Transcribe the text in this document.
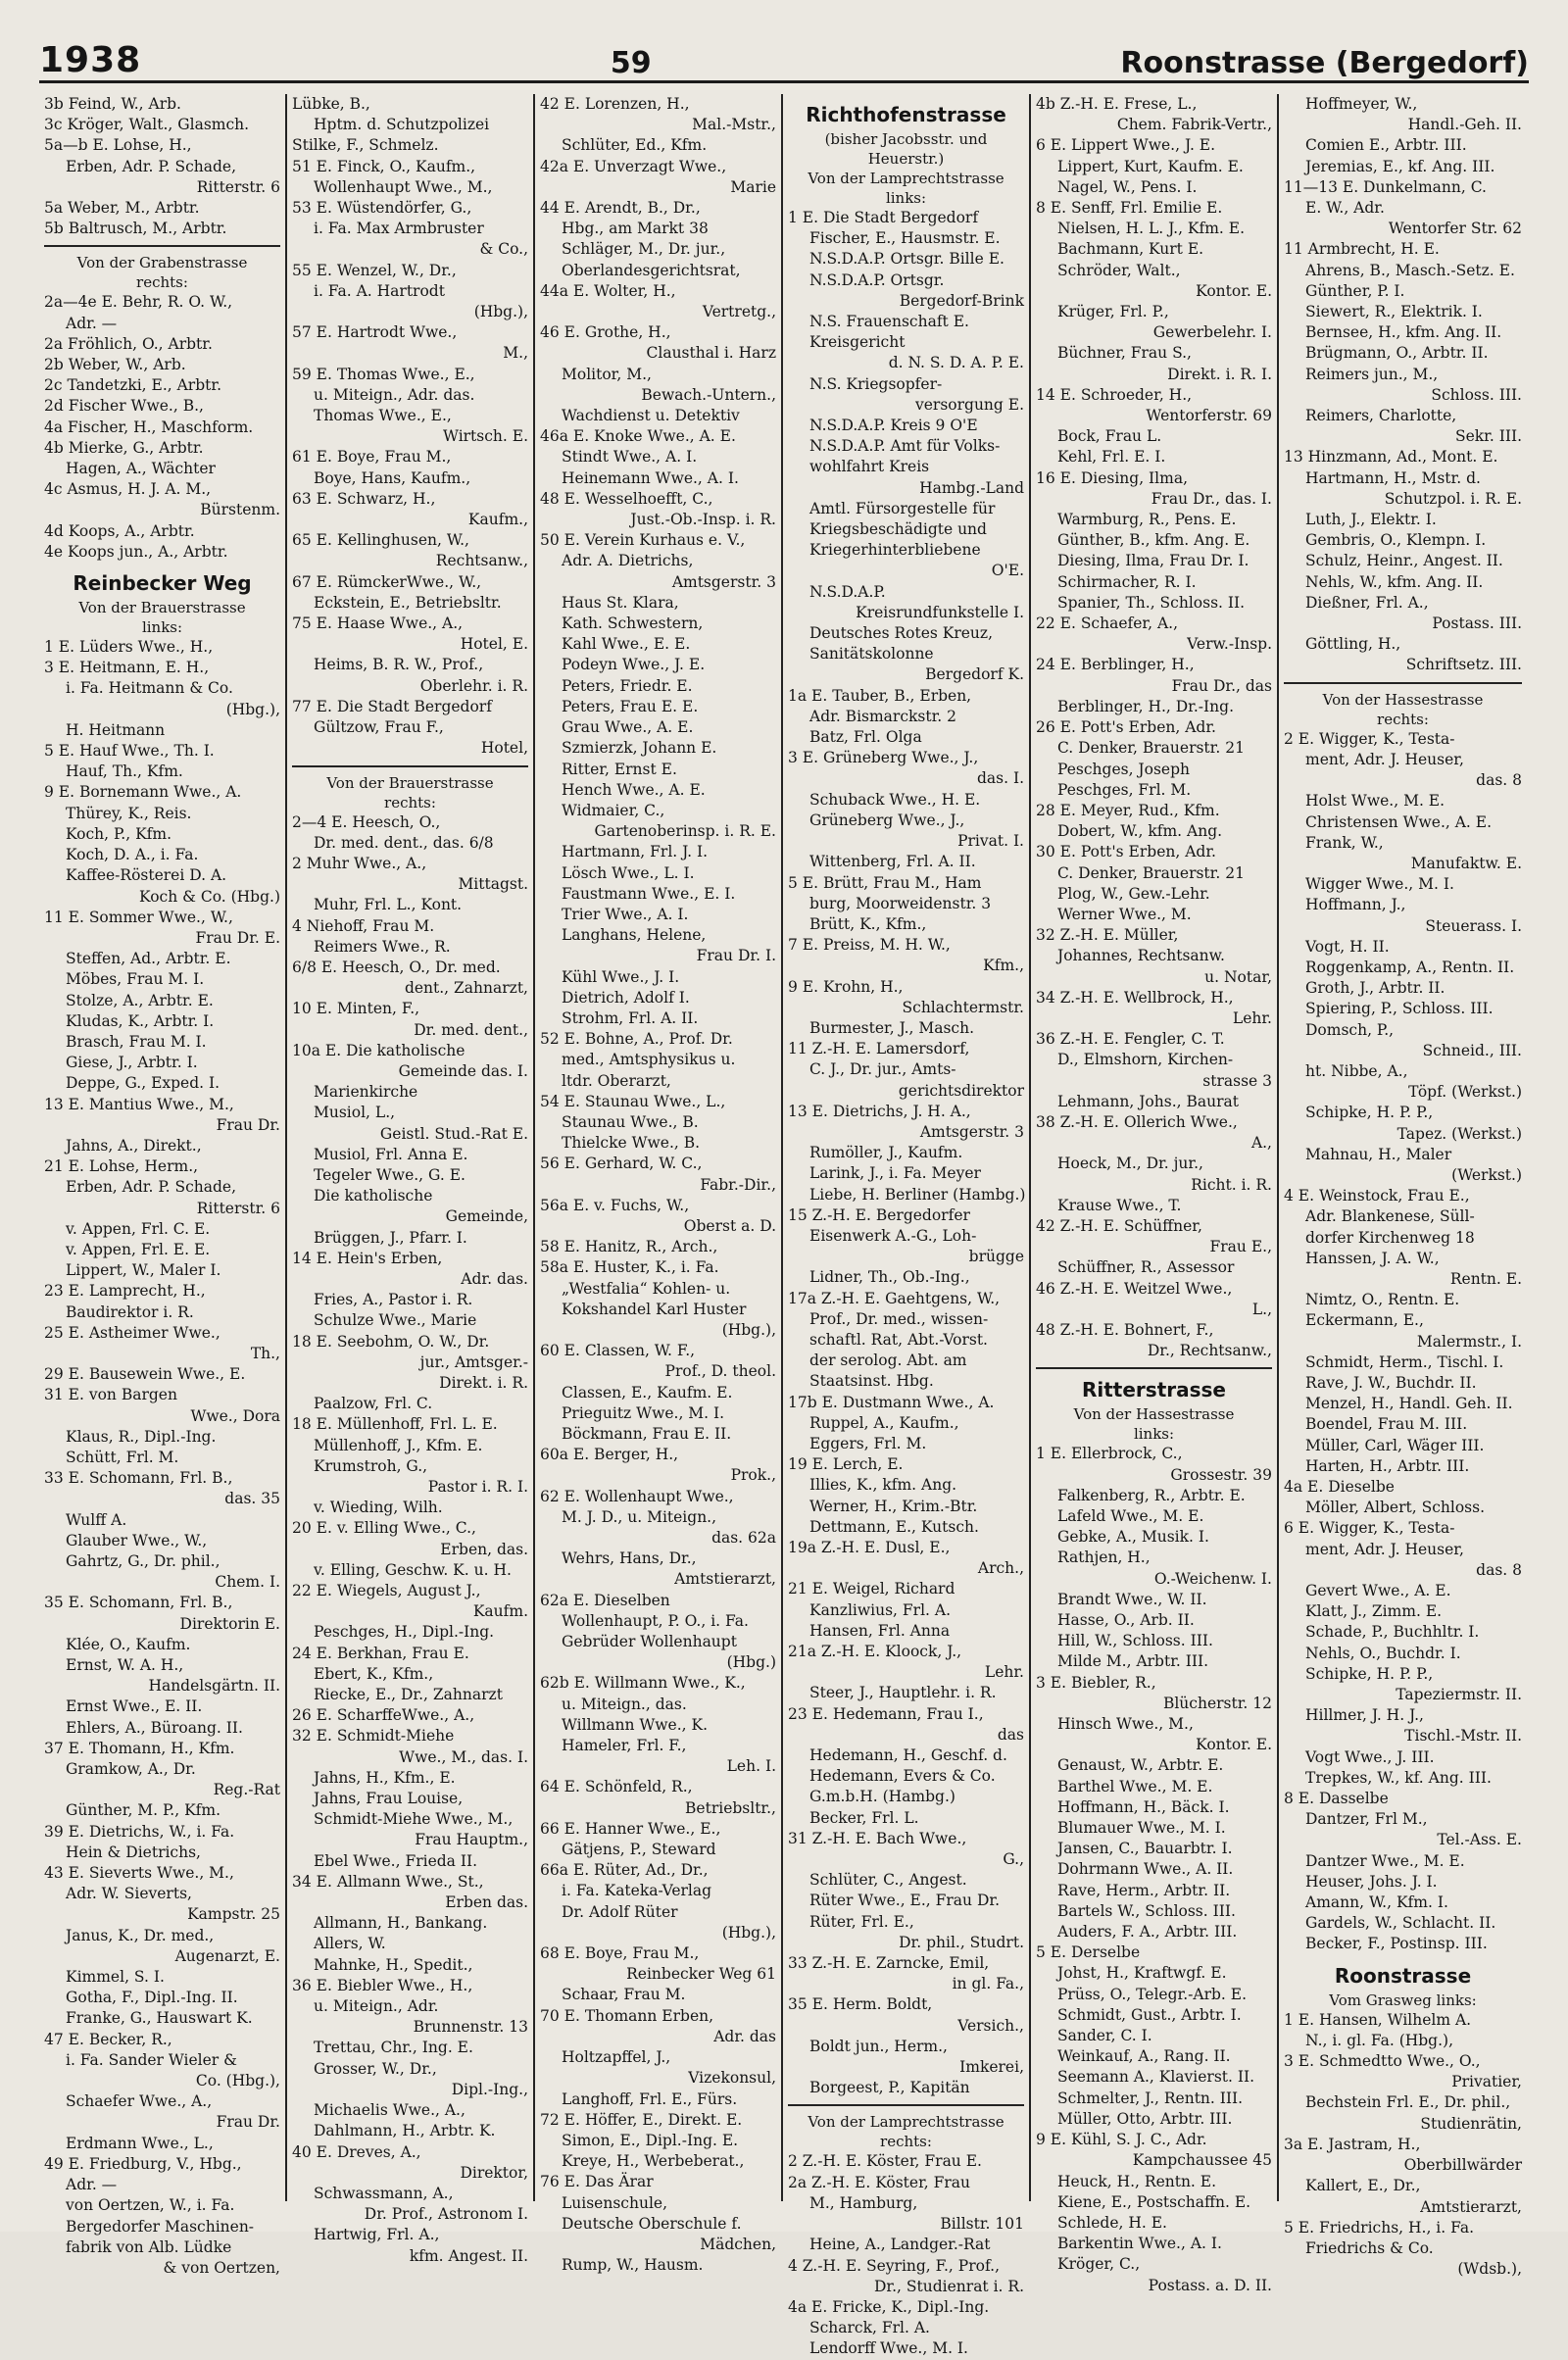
1938	59	Roonstrasse (Bergedorf)
3b Feind, W., Arb.
3c Kröger, Walt., Glasmch.
5a—b E. Lohse, H.,
Erben, Adr. P. Schade,
Ritterstr. 6
5a Weber, M., Arbtr.
5b Baltrusch, M., Arbtr.
Von der Grabenstrasse
rechts:
2a—4e E. Behr, R. O. W.,
Adr. —
2a Fröhlich, O., Arbtr.
2b Weber, W., Arb.
2c Tandetzki, E., Arbtr.
2d Fischer Wwe., B.,
4a Fischer, H., Maschform.
4b Mierke, G., Arbtr.
Hagen, A., Wächter
4c Asmus, H. J. A. M.,
Bürstenm.
4d Koops, A., Arbtr.
4e Koops jun., A., Arbtr.
Reinbecker Weg
Von der Brauerstrasse
links:
1 E. Lüders Wwe., H.,
3 E. Heitmann, E. H.,
i. Fa. Heitmann & Co.
(Hbg.),
H. Heitmann
5 E. Hauf Wwe., Th. I.
Hauf, Th., Kfm.
9 E. Bornemann Wwe., A.
Thürey, K., Reis.
Koch, P., Kfm.
Koch, D. A., i. Fa.
Kaffee-Rösterei D. A.
Koch & Co. (Hbg.)
11 E. Sommer Wwe., W.,
Frau Dr. E.
Steffen, Ad., Arbtr. E.
Möbes, Frau M. I.
Stolze, A., Arbtr. E.
Kludas, K., Arbtr. I.
Brasch, Frau M. I.
Giese, J., Arbtr. I.
Deppe, G., Exped. I.
13 E. Mantius Wwe., M.,
Frau Dr.
Jahns, A., Direkt.,
21 E. Lohse, Herm.,
Erben, Adr. P. Schade,
Ritterstr. 6
v. Appen, Frl. C. E.
v. Appen, Frl. E. E.
Lippert, W., Maler I.
23 E. Lamprecht, H.,
Baudirektor i. R.
25 E. Astheimer Wwe.,
Th.,
29 E. Bausewein Wwe., E.
31 E. von Bargen
Wwe., Dora
Klaus, R., Dipl.-Ing.
Schütt, Frl. M.
33 E. Schomann, Frl. B.,
das. 35
Wulff A.
Glauber Wwe., W.,
Gahrtz, G., Dr. phil.,
Chem. I.
35 E. Schomann, Frl. B.,
Direktorin E.
Klée, O., Kaufm.
Ernst, W. A. H.,
Handelsgärtn. II.
Ernst Wwe., E. II.
Ehlers, A., Büroang. II.
37 E. Thomann, H., Kfm.
Gramkow, A., Dr.
Reg.-Rat
Günther, M. P., Kfm.
39 E. Dietrichs, W., i. Fa.
Hein & Dietrichs,
43 E. Sieverts Wwe., M.,
Adr. W. Sieverts,
Kampstr. 25
Janus, K., Dr. med.,
Augenarzt, E.
Kimmel, S. I.
Gotha, F., Dipl.-Ing. II.
Franke, G., Hauswart K.
47 E. Becker, R.,
i. Fa. Sander Wieler &
Co. (Hbg.),
Schaefer Wwe., A.,
Frau Dr.
Erdmann Wwe., L.,
49 E. Friedburg, V., Hbg.,
Adr. —
von Oertzen, W., i. Fa.
Bergedorfer Maschinen-
fabrik von Alb. Lüdke
& von Oertzen,
Lübke, B.,
Hptm. d. Schutzpolizei
Stilke, F., Schmelz.
51 E. Finck, O., Kaufm.,
Wollenhaupt Wwe., M.,
53 E. Wüstendörfer, G.,
i. Fa. Max Armbruster
& Co.,
55 E. Wenzel, W., Dr.,
i. Fa. A. Hartrodt
(Hbg.),
57 E. Hartrodt Wwe.,
M.,
59 E. Thomas Wwe., E.,
u. Miteign., Adr. das.
Thomas Wwe., E.,
Wirtsch. E.
61 E. Boye, Frau M.,
Boye, Hans, Kaufm.,
63 E. Schwarz, H.,
Kaufm.,
65 E. Kellinghusen, W.,
Rechtsanw.,
67 E. RümckerWwe., W.,
Eckstein, E., Betriebsltr.
75 E. Haase Wwe., A.,
Hotel, E.
Heims, B. R. W., Prof.,
Oberlehr. i. R.
77 E. Die Stadt Bergedorf
Gültzow, Frau F.,
Hotel,
Von der Brauerstrasse
rechts:
2—4 E. Heesch, O.,
Dr. med. dent., das. 6/8
2 Muhr Wwe., A.,
Mittagst.
Muhr, Frl. L., Kont.
4 Niehoff, Frau M.
Reimers Wwe., R.
6/8 E. Heesch, O., Dr. med.
dent., Zahnarzt,
10 E. Minten, F.,
Dr. med. dent.,
10a E. Die katholische
Gemeinde das. I.
Marienkirche
Musiol, L.,
Geistl. Stud.-Rat E.
Musiol, Frl. Anna E.
Tegeler Wwe., G. E.
Die katholische
Gemeinde,
Brüggen, J., Pfarr. I.
14 E. Hein's Erben,
Adr. das.
Fries, A., Pastor i. R.
Schulze Wwe., Marie
18 E. Seebohm, O. W., Dr.
jur., Amtsger.-
Direkt. i. R.
Paalzow, Frl. C.
18 E. Müllenhoff, Frl. L. E.
Müllenhoff, J., Kfm. E.
Krumstroh, G.,
Pastor i. R. I.
v. Wieding, Wilh.
20 E. v. Elling Wwe., C.,
Erben, das.
v. Elling, Geschw. K. u. H.
22 E. Wiegels, August J.,
Kaufm.
Peschges, H., Dipl.-Ing.
24 E. Berkhan, Frau E.
Ebert, K., Kfm.,
Riecke, E., Dr., Zahnarzt
26 E. ScharffeWwe., A.,
32 E. Schmidt-Miehe
Wwe., M., das. I.
Jahns, H., Kfm., E.
Jahns, Frau Louise,
Schmidt-Miehe Wwe., M.,
Frau Hauptm.,
Ebel Wwe., Frieda II.
34 E. Allmann Wwe., St.,
Erben das.
Allmann, H., Bankang.
Allers, W.
Mahnke, H., Spedit.,
36 E. Biebler Wwe., H.,
u. Miteign., Adr.
Brunnenstr. 13
Trettau, Chr., Ing. E.
Grosser, W., Dr.,
Dipl.-Ing.,
Michaelis Wwe., A.,
Dahlmann, H., Arbtr. K.
40 E. Dreves, A.,
Direktor,
Schwassmann, A.,
Dr. Prof., Astronom I.
Hartwig, Frl. A.,
kfm. Angest. II.
42 E. Lorenzen, H.,
Mal.-Mstr.,
Schlüter, Ed., Kfm.
42a E. Unverzagt Wwe.,
Marie
44 E. Arendt, B., Dr.,
Hbg., am Markt 38
Schläger, M., Dr. jur.,
Oberlandesgerichtsrat,
44a E. Wolter, H.,
Vertretg.,
46 E. Grothe, H.,
Clausthal i. Harz
Molitor, M.,
Bewach.-Untern.,
Wachdienst u. Detektiv
46a E. Knoke Wwe., A. E.
Stindt Wwe., A. I.
Heinemann Wwe., A. I.
48 E. Wesselhoefft, C.,
Just.-Ob.-Insp. i. R.
50 E. Verein Kurhaus e. V.,
Adr. A. Dietrichs,
Amtsgerstr. 3
Haus St. Klara,
Kath. Schwestern,
Kahl Wwe., E. E.
Podeyn Wwe., J. E.
Peters, Friedr. E.
Peters, Frau E. E.
Grau Wwe., A. E.
Szmierzk, Johann E.
Ritter, Ernst E.
Hench Wwe., A. E.
Widmaier, C.,
Gartenoberinsp. i. R. E.
Hartmann, Frl. J. I.
Lösch Wwe., L. I.
Faustmann Wwe., E. I.
Trier Wwe., A. I.
Langhans, Helene,
Frau Dr. I.
Kühl Wwe., J. I.
Dietrich, Adolf I.
Strohm, Frl. A. II.
52 E. Bohne, A., Prof. Dr.
med., Amtsphysikus u.
ltdr. Oberarzt,
54 E. Staunau Wwe., L.,
Staunau Wwe., B.
Thielcke Wwe., B.
56 E. Gerhard, W. C.,
Fabr.-Dir.,
56a E. v. Fuchs, W.,
Oberst a. D.
58 E. Hanitz, R., Arch.,
58a E. Huster, K., i. Fa.
„Westfalia“ Kohlen- u.
Kokshandel Karl Huster
(Hbg.),
60 E. Classen, W. F.,
Prof., D. theol.
Classen, E., Kaufm. E.
Prieguitz Wwe., M. I.
Böckmann, Frau E. II.
60a E. Berger, H.,
Prok.,
62 E. Wollenhaupt Wwe.,
M. J. D., u. Miteign.,
das. 62a
Wehrs, Hans, Dr.,
Amtstierarzt,
62a E. Dieselben
Wollenhaupt, P. O., i. Fa.
Gebrüder Wollenhaupt
(Hbg.)
62b E. Willmann Wwe., K.,
u. Miteign., das.
Willmann Wwe., K.
Hameler, Frl. F.,
Leh. I.
64 E. Schönfeld, R.,
Betriebsltr.,
66 E. Hanner Wwe., E.,
Gätjens, P., Steward
66a E. Rüter, Ad., Dr.,
i. Fa. Kateka-Verlag
Dr. Adolf Rüter
(Hbg.),
68 E. Boye, Frau M.,
Reinbecker Weg 61
Schaar, Frau M.
70 E. Thomann Erben,
Adr. das
Holtzapffel, J.,
Vizekonsul,
Langhoff, Frl. E., Fürs.
72 E. Höffer, E., Direkt. E.
Simon, E., Dipl.-Ing. E.
Kreye, H., Werbeberat.,
76 E. Das Ärar
Luisenschule,
Deutsche Oberschule f.
Mädchen,
Rump, W., Hausm.
Richthofenstrasse
(bisher Jacobsstr. und
Heuerstr.)
Von der Lamprechtstrasse
links:
1 E. Die Stadt Bergedorf
Fischer, E., Hausmstr. E.
N.S.D.A.P. Ortsgr. Bille E.
N.S.D.A.P. Ortsgr.
Bergedorf-Brink
N.S. Frauenschaft E.
Kreisgericht
d. N. S. D. A. P. E.
N.S. Kriegsopfer-
versorgung E.
N.S.D.A.P. Kreis 9 O'E
N.S.D.A.P. Amt für Volks-
wohlfahrt Kreis
Hambg.-Land
Amtl. Fürsorgestelle für
Kriegsbeschädigte und
Kriegerhinterbliebene
O'E.
N.S.D.A.P.
Kreisrundfunkstelle I.
Deutsches Rotes Kreuz,
Sanitätskolonne
Bergedorf K.
1a E. Tauber, B., Erben,
Adr. Bismarckstr. 2
Batz, Frl. Olga
3 E. Grüneberg Wwe., J.,
das. I.
Schuback Wwe., H. E.
Grüneberg Wwe., J.,
Privat. I.
Wittenberg, Frl. A. II.
5 E. Brütt, Frau M., Ham
burg, Moorweidenstr. 3
Brütt, K., Kfm.,
7 E. Preiss, M. H. W.,
Kfm.,
9 E. Krohn, H.,
Schlachtermstr.
Burmester, J., Masch.
11 Z.-H. E. Lamersdorf,
C. J., Dr. jur., Amts-
gerichtsdirektor
13 E. Dietrichs, J. H. A.,
Amtsgerstr. 3
Rumöller, J., Kaufm.
Larink, J., i. Fa. Meyer
Liebe, H. Berliner (Hambg.)
15 Z.-H. E. Bergedorfer
Eisenwerk A.-G., Loh-
brügge
Lidner, Th., Ob.-Ing.,
17a Z.-H. E. Gaehtgens, W.,
Prof., Dr. med., wissen-
schaftl. Rat, Abt.-Vorst.
der serolog. Abt. am
Staatsinst. Hbg.
17b E. Dustmann Wwe., A.
Ruppel, A., Kaufm.,
Eggers, Frl. M.
19 E. Lerch, E.
Illies, K., kfm. Ang.
Werner, H., Krim.-Btr.
Dettmann, E., Kutsch.
19a Z.-H. E. Dusl, E.,
Arch.,
21 E. Weigel, Richard
Kanzliwius, Frl. A.
Hansen, Frl. Anna
21a Z.-H. E. Kloock, J.,
Lehr.
Steer, J., Hauptlehr. i. R.
23 E. Hedemann, Frau I.,
das
Hedemann, H., Geschf. d.
Hedemann, Evers & Co.
G.m.b.H. (Hambg.)
Becker, Frl. L.
31 Z.-H. E. Bach Wwe.,
G.,
Schlüter, C., Angest.
Rüter Wwe., E., Frau Dr.
Rüter, Frl. E.,
Dr. phil., Studrt.
33 Z.-H. E. Zarncke, Emil,
in gl. Fa.,
35 E. Herm. Boldt,
Versich.,
Boldt jun., Herm.,
Imkerei,
Borgeest, P., Kapitän
Von der Lamprechtstrasse
rechts:
2 Z.-H. E. Köster, Frau E.
2a Z.-H. E. Köster, Frau
M., Hamburg,
Billstr. 101
Heine, A., Landger.-Rat
4 Z.-H. E. Seyring, F., Prof.,
Dr., Studienrat i. R.
4a E. Fricke, K., Dipl.-Ing.
Scharck, Frl. A.
Lendorff Wwe., M. I.
4b Z.-H. E. Frese, L.,
Chem. Fabrik-Vertr.,
6 E. Lippert Wwe., J. E.
Lippert, Kurt, Kaufm. E.
Nagel, W., Pens. I.
8 E. Senff, Frl. Emilie E.
Nielsen, H. L. J., Kfm. E.
Bachmann, Kurt E.
Schröder, Walt.,
Kontor. E.
Krüger, Frl. P.,
Gewerbelehr. I.
Büchner, Frau S.,
Direkt. i. R. I.
14 E. Schroeder, H.,
Wentorferstr. 69
Bock, Frau L.
Kehl, Frl. E. I.
16 E. Diesing, Ilma,
Frau Dr., das. I.
Warmburg, R., Pens. E.
Günther, B., kfm. Ang. E.
Diesing, Ilma, Frau Dr. I.
Schirmacher, R. I.
Spanier, Th., Schloss. II.
22 E. Schaefer, A.,
Verw.-Insp.
24 E. Berblinger, H.,
Frau Dr., das
Berblinger, H., Dr.-Ing.
26 E. Pott's Erben, Adr.
C. Denker, Brauerstr. 21
Peschges, Joseph
Peschges, Frl. M.
28 E. Meyer, Rud., Kfm.
Dobert, W., kfm. Ang.
30 E. Pott's Erben, Adr.
C. Denker, Brauerstr. 21
Plog, W., Gew.-Lehr.
Werner Wwe., M.
32 Z.-H. E. Müller,
Johannes, Rechtsanw.
u. Notar,
34 Z.-H. E. Wellbrock, H.,
Lehr.
36 Z.-H. E. Fengler, C. T.
D., Elmshorn, Kirchen-
strasse 3
Lehmann, Johs., Baurat
38 Z.-H. E. Ollerich Wwe.,
A.,
Hoeck, M., Dr. jur.,
Richt. i. R.
Krause Wwe., T.
42 Z.-H. E. Schüffner,
Frau E.,
Schüffner, R., Assessor
46 Z.-H. E. Weitzel Wwe.,
L.,
48 Z.-H. E. Bohnert, F.,
Dr., Rechtsanw.,
Ritterstrasse
Von der Hassestrasse
links:
1 E. Ellerbrock, C.,
Grossestr. 39
Falkenberg, R., Arbtr. E.
Lafeld Wwe., M. E.
Gebke, A., Musik. I.
Rathjen, H.,
O.-Weichenw. I.
Brandt Wwe., W. II.
Hasse, O., Arb. II.
Hill, W., Schloss. III.
Milde M., Arbtr. III.
3 E. Biebler, R.,
Blücherstr. 12
Hinsch Wwe., M.,
Kontor. E.
Genaust, W., Arbtr. E.
Barthel Wwe., M. E.
Hoffmann, H., Bäck. I.
Blumauer Wwe., M. I.
Jansen, C., Bauarbtr. I.
Dohrmann Wwe., A. II.
Rave, Herm., Arbtr. II.
Bartels W., Schloss. III.
Auders, F. A., Arbtr. III.
5 E. Derselbe
Johst, H., Kraftwgf. E.
Prüss, O., Telegr.-Arb. E.
Schmidt, Gust., Arbtr. I.
Sander, C. I.
Weinkauf, A., Rang. II.
Seemann A., Klavierst. II.
Schmelter, J., Rentn. III.
Müller, Otto, Arbtr. III.
9 E. Kühl, S. J. C., Adr.
Kampchaussee 45
Heuck, H., Rentn. E.
Kiene, E., Postschaffn. E.
Schlede, H. E.
Barkentin Wwe., A. I.
Kröger, C.,
Postass. a. D. II.
Hoffmeyer, W.,
Handl.-Geh. II.
Comien E., Arbtr. III.
Jeremias, E., kf. Ang. III.
11—13 E. Dunkelmann, C.
E. W., Adr.
Wentorfer Str. 62
11 Armbrecht, H. E.
Ahrens, B., Masch.-Setz. E.
Günther, P. I.
Siewert, R., Elektrik. I.
Bernsee, H., kfm. Ang. II.
Brügmann, O., Arbtr. II.
Reimers jun., M.,
Schloss. III.
Reimers, Charlotte,
Sekr. III.
13 Hinzmann, Ad., Mont. E.
Hartmann, H., Mstr. d.
Schutzpol. i. R. E.
Luth, J., Elektr. I.
Gembris, O., Klempn. I.
Schulz, Heinr., Angest. II.
Nehls, W., kfm. Ang. II.
Dießner, Frl. A.,
Postass. III.
Göttling, H.,
Schriftsetz. III.
Von der Hassestrasse
rechts:
2 E. Wigger, K., Testa-
ment, Adr. J. Heuser,
das. 8
Holst Wwe., M. E.
Christensen Wwe., A. E.
Frank, W.,
Manufaktw. E.
Wigger Wwe., M. I.
Hoffmann, J.,
Steuerass. I.
Vogt, H. II.
Roggenkamp, A., Rentn. II.
Groth, J., Arbtr. II.
Spiering, P., Schloss. III.
Domsch, P.,
Schneid., III.
ht. Nibbe, A.,
Töpf. (Werkst.)
Schipke, H. P. P.,
Tapez. (Werkst.)
Mahnau, H., Maler
(Werkst.)
4 E. Weinstock, Frau E.,
Adr. Blankenese, Süll-
dorfer Kirchenweg 18
Hanssen, J. A. W.,
Rentn. E.
Nimtz, O., Rentn. E.
Eckermann, E.,
Malermstr., I.
Schmidt, Herm., Tischl. I.
Rave, J. W., Buchdr. II.
Menzel, H., Handl. Geh. II.
Boendel, Frau M. III.
Müller, Carl, Wäger III.
Harten, H., Arbtr. III.
4a E. Dieselbe
Möller, Albert, Schloss.
6 E. Wigger, K., Testa-
ment, Adr. J. Heuser,
das. 8
Gevert Wwe., A. E.
Klatt, J., Zimm. E.
Schade, P., Buchhltr. I.
Nehls, O., Buchdr. I.
Schipke, H. P. P.,
Tapeziermstr. II.
Hillmer, J. H. J.,
Tischl.-Mstr. II.
Vogt Wwe., J. III.
Trepkes, W., kf. Ang. III.
8 E. Dasselbe
Dantzer, Frl M.,
Tel.-Ass. E.
Dantzer Wwe., M. E.
Heuser, Johs. J. I.
Amann, W., Kfm. I.
Gardels, W., Schlacht. II.
Becker, F., Postinsp. III.
Roonstrasse
Vom Grasweg links:
1 E. Hansen, Wilhelm A.
N., i. gl. Fa. (Hbg.),
3 E. Schmedtto Wwe., O.,
Privatier,
Bechstein Frl. E., Dr. phil.,
Studienrätin,
3a E. Jastram, H.,
Oberbillwärder
Kallert, E., Dr.,
Amtstierarzt,
5 E. Friedrichs, H., i. Fa.
Friedrichs & Co.
(Wdsb.),
